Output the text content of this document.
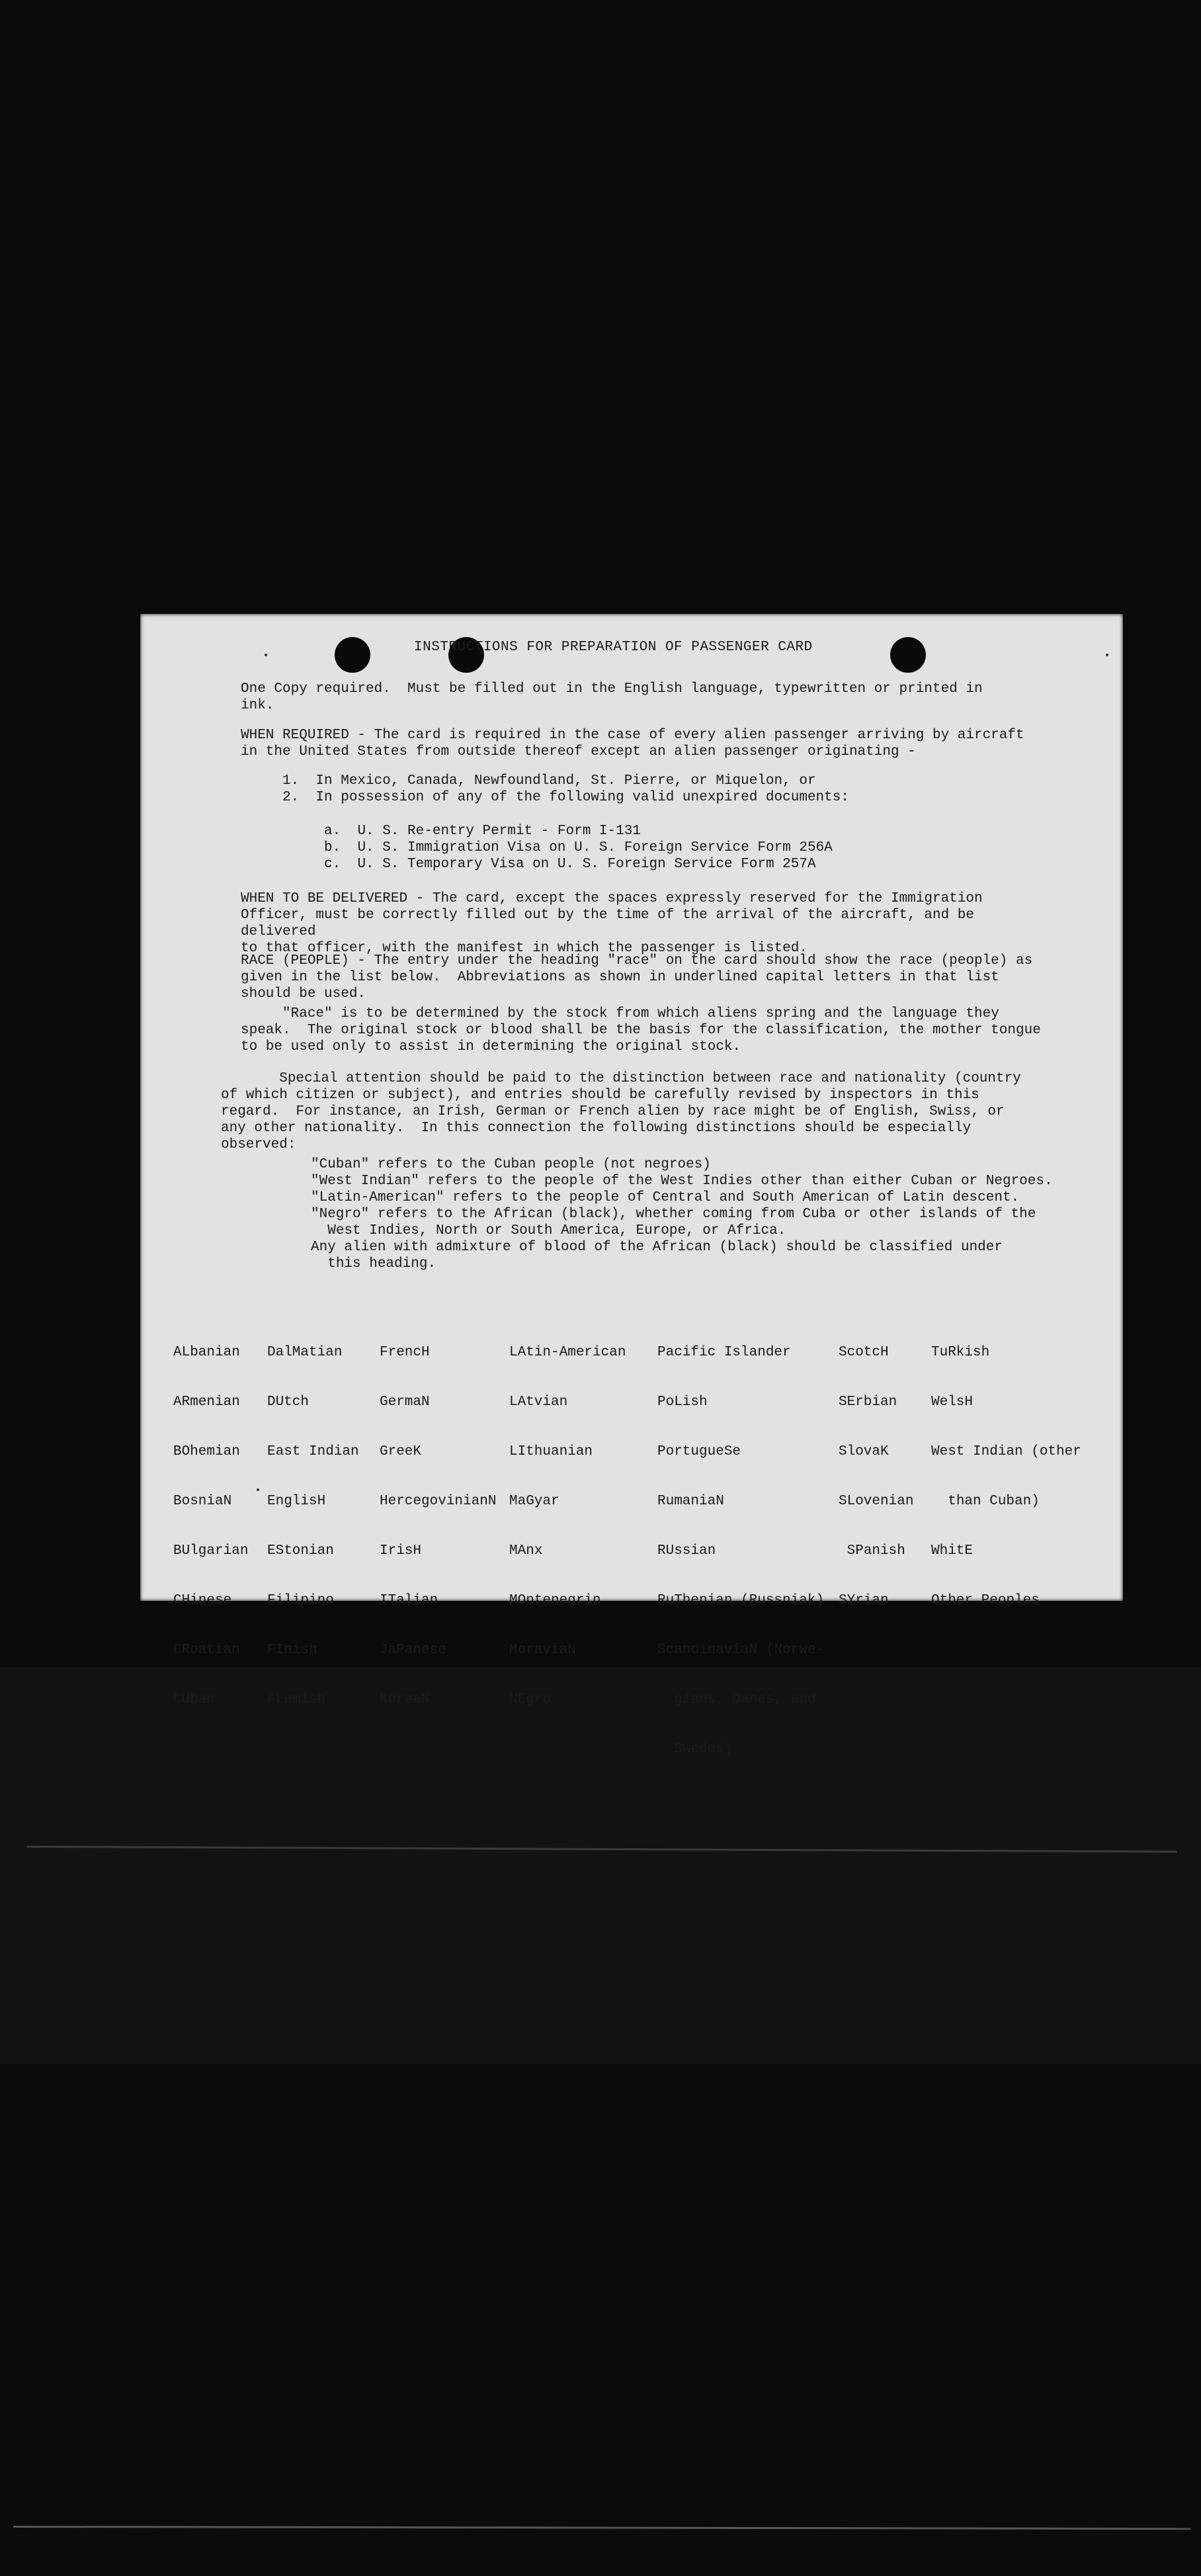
INSTRUCTIONS FOR PREPARATION OF PASSENGER CARD
One Copy required.  Must be filled out in the English language, typewritten or printed in
ink.
WHEN REQUIRED - The card is required in the case of every alien passenger arriving by aircraft
in the United States from outside thereof except an alien passenger originating -
1.  In Mexico, Canada, Newfoundland, St. Pierre, or Miquelon, or
2.  In possession of any of the following valid unexpired documents:
a.  U. S. Re-entry Permit - Form I-131
b.  U. S. Immigration Visa on U. S. Foreign Service Form 256A
c.  U. S. Temporary Visa on U. S. Foreign Service Form 257A
WHEN TO BE DELIVERED - The card, except the spaces expressly reserved for the Immigration
Officer, must be correctly filled out by the time of the arrival of the aircraft, and be delivered
to that officer, with the manifest in which the passenger is listed.
RACE (PEOPLE) - The entry under the heading "race" on the card should show the race (people) as
given in the list below.  Abbreviations as shown in underlined capital letters in that list
should be used.
"Race" is to be determined by the stock from which aliens spring and the language they
speak.  The original stock or blood shall be the basis for the classification, the mother tongue
to be used only to assist in determining the original stock.
Special attention should be paid to the distinction between race and nationality (country
of which citizen or subject), and entries should be carefully revised by inspectors in this
regard.  For instance, an Irish, German or French alien by race might be of English, Swiss, or
any other nationality.  In this connection the following distinctions should be especially observed:
"Cuban" refers to the Cuban people (not negroes)
"West Indian" refers to the people of the West Indies other than either Cuban or Negroes.
"Latin-American" refers to the people of Central and South American of Latin descent.
"Negro" refers to the African (black), whether coming from Cuba or other islands of the
West Indies, North or South America, Europe, or Africa.
Any alien with admixture of blood of the African (black) should be classified under
this heading.

ALbanian

ARmenian

BOhemian

BosniaN

BUlgarian

CHinese

CRoatian

CUban

DalMatian

DUtch

East Indian

EnglisH

EStonian

Filipino

FInish

FLemish

FrencH

GermaN

GreeK

HercegovinianN

IrisH

ITalian

JaPanese

KoreaN

LAtin-American

LAtvian

LIthuanian

MaGyar

MAnx

MOntenegrin

MoraviaN

NEgro

Pacific Islander

PoLish

PortugueSe

RumaniaN

RUssian

RuThenian (Russniak)

ScandinaviaN (Norwe-

gians, Danes, and

Swedes)

ScotcH

SErbian

SlovaK

SLovenian

SPanish

SYrian

TuRkish

WelsH

West Indian (other

than Cuban)

WhitE

Other Peoples
